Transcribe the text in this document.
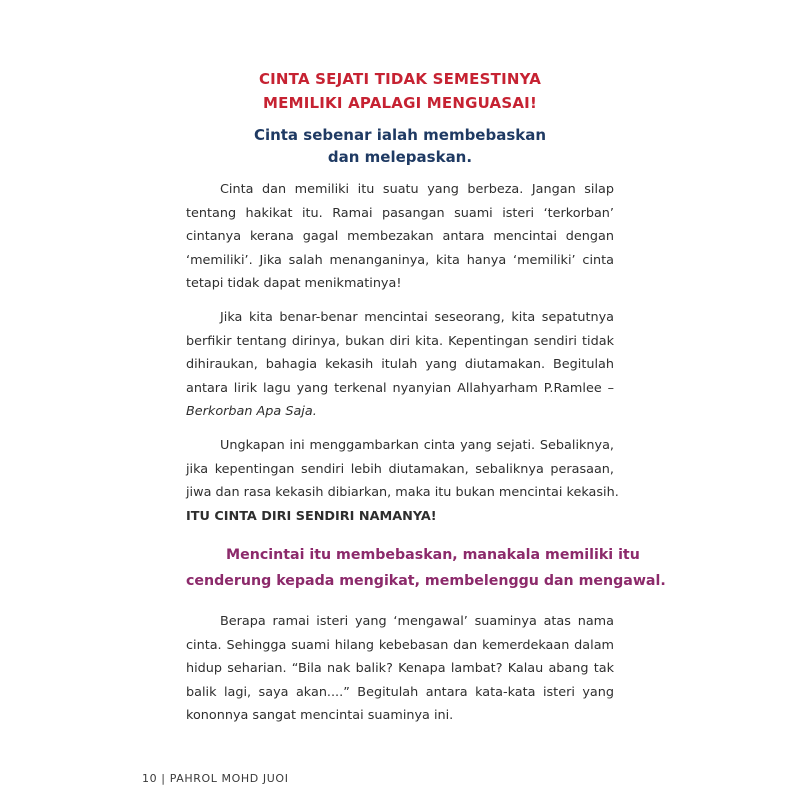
CINTA SEJATI TIDAK SEMESTINYA
MEMILIKI APALAGI MENGUASAI!
Cinta sebenar ialah membebaskan
dan melepaskan.
Cinta dan memiliki itu suatu yang berbeza. Jangan silap
tentang hakikat itu. Ramai pasangan suami isteri ‘terkorban’
cintanya kerana gagal membezakan antara mencintai dengan
‘memiliki’. Jika salah menanganinya, kita hanya ‘memiliki’ cinta
tetapi tidak dapat menikmatinya!
Jika kita benar-benar mencintai seseorang, kita sepatutnya
berfikir tentang dirinya, bukan diri kita. Kepentingan sendiri tidak
dihiraukan, bahagia kekasih itulah yang diutamakan. Begitulah
antara lirik lagu yang terkenal nyanyian Allahyarham P.Ramlee –
Berkorban Apa Saja.
Ungkapan ini menggambarkan cinta yang sejati. Sebaliknya,
jika kepentingan sendiri lebih diutamakan, sebaliknya perasaan,
jiwa dan rasa kekasih dibiarkan, maka itu bukan mencintai kekasih.
ITU CINTA DIRI SENDIRI NAMANYA!
Mencintai itu membebaskan, manakala memiliki itu
cenderung kepada mengikat, membelenggu dan mengawal.
Berapa ramai isteri yang ‘mengawal’ suaminya atas nama
cinta. Sehingga suami hilang kebebasan dan kemerdekaan dalam
hidup seharian. “Bila nak balik? Kenapa lambat? Kalau abang tak
balik lagi, saya akan....” Begitulah antara kata-kata isteri yang
kononnya sangat mencintai suaminya ini.
10 | PAHROL MOHD JUOI
